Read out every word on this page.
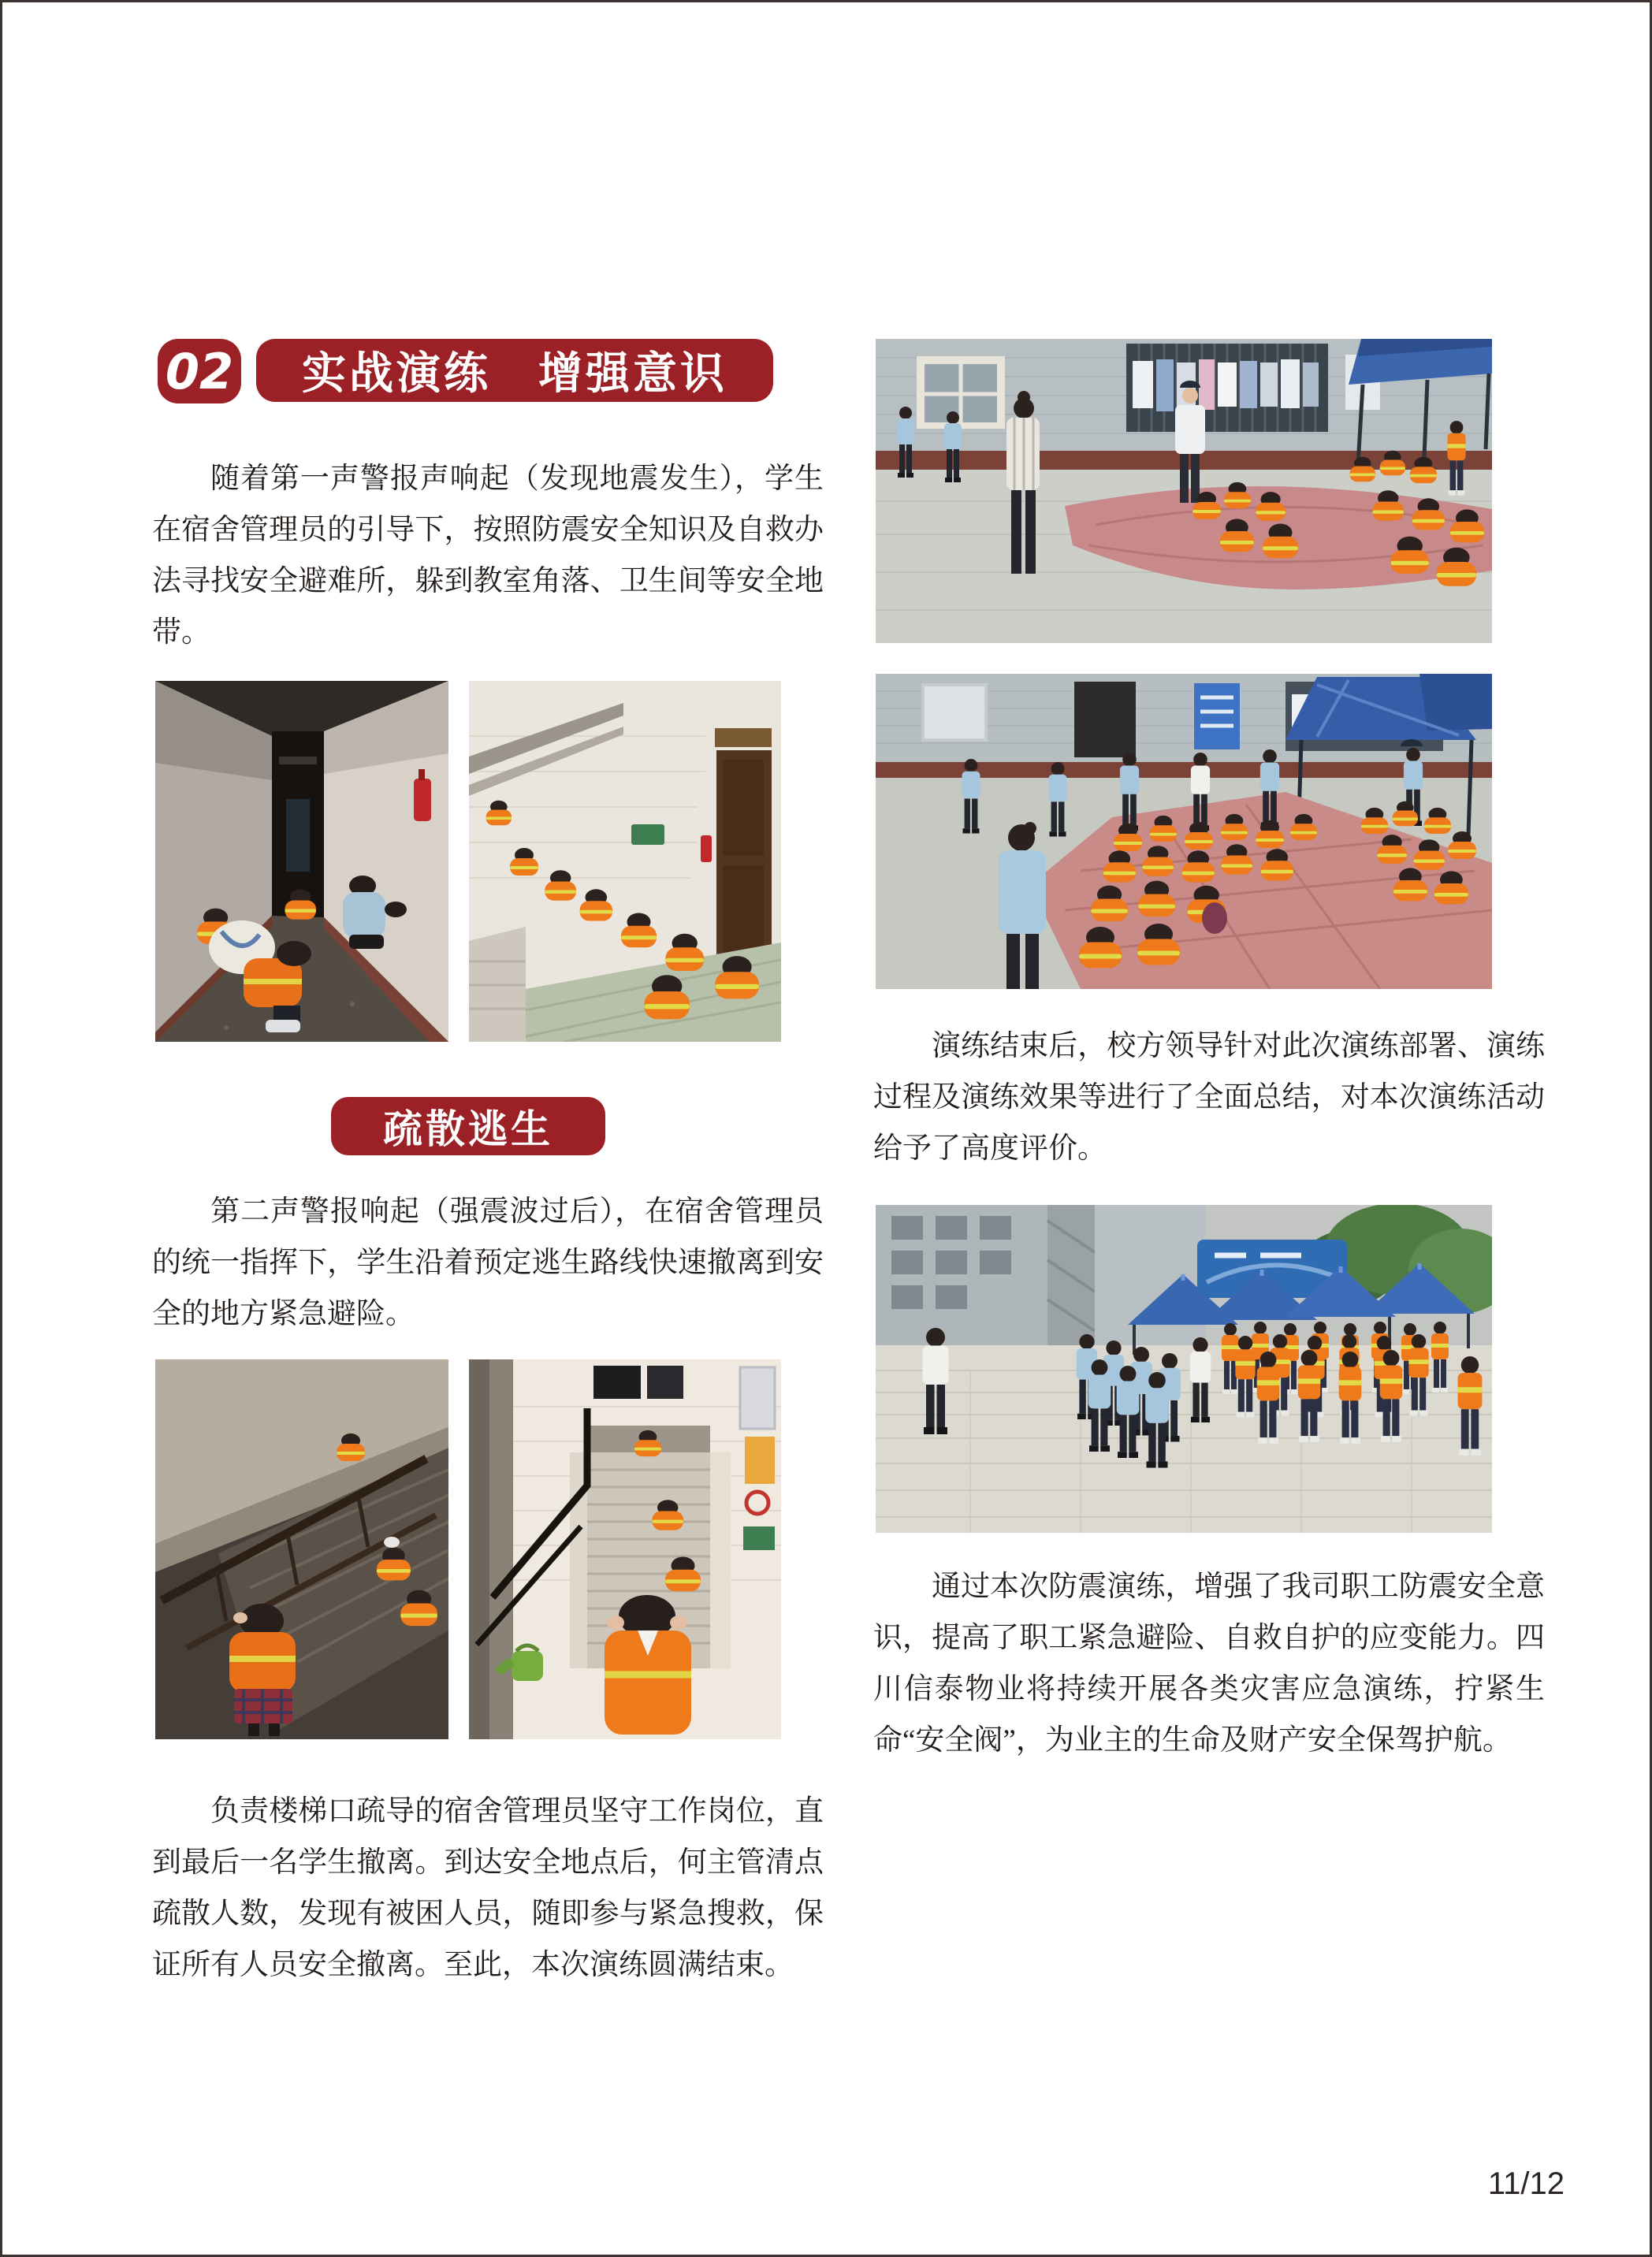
02	实战演练　增强意识
随着第一声警报声响起（发现地震发生），学生在宿舍管理员的引导下，按照防震安全知识及自救办法寻找安全避难所，躲到教室角落、卫生间等安全地带。
疏散逃生
第二声警报响起（强震波过后），在宿舍管理员的统一指挥下，学生沿着预定逃生路线快速撤离到安全的地方紧急避险。
负责楼梯口疏导的宿舍管理员坚守工作岗位，直到最后一名学生撤离。到达安全地点后，何主管清点疏散人数，发现有被困人员，随即参与紧急搜救，保证所有人员安全撤离。至此，本次演练圆满结束。
演练结束后，校方领导针对此次演练部署、演练过程及演练效果等进行了全面总结，对本次演练活动给予了高度评价。
通过本次防震演练，增强了我司职工防震安全意识，提高了职工紧急避险、自救自护的应变能力。四川信泰物业将持续开展各类灾害应急演练，拧紧生命“安全阀”，为业主的生命及财产安全保驾护航。
11/12
